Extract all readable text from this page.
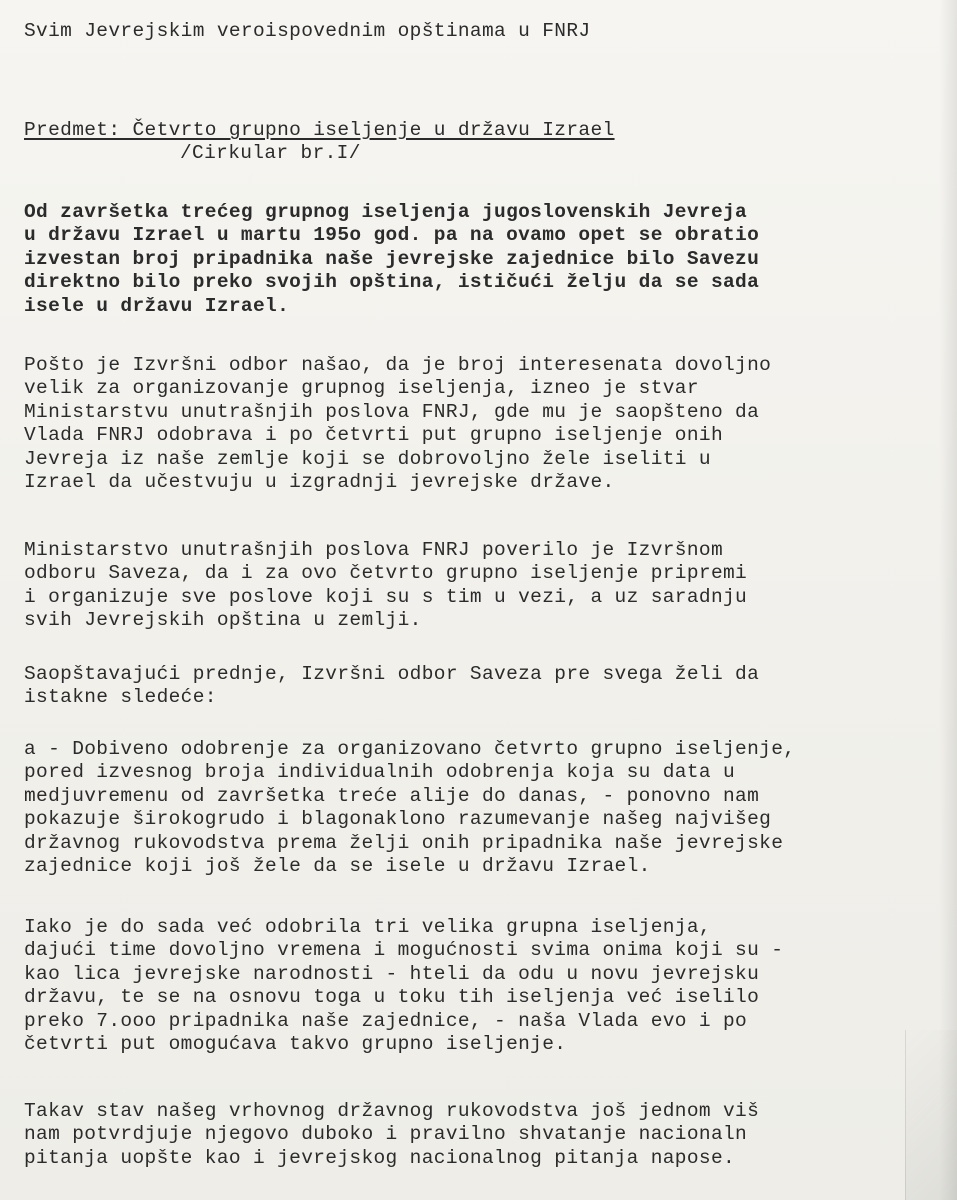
Svim Jevrejskim veroispovednim opštinama u FNRJ
Predmet: Četvrto grupno iseljenje u državu Izrael
/Cirkular br.I/
Od završetka trećeg grupnog iseljenja jugoslovenskih Jevreja
u državu Izrael u martu 195o god. pa na ovamo opet se obratio
izvestan broj pripadnika naše jevrejske zajednice bilo Savezu
direktno bilo preko svojih opština, ističući želju da se sada
isele u državu Izrael.
Pošto je Izvršni odbor našao, da je broj interesenata dovoljno
velik za organizovanje grupnog iseljenja, izneo je stvar
Ministarstvu unutrašnjih poslova FNRJ, gde mu je saopšteno da
Vlada FNRJ odobrava i po četvrti put grupno iseljenje onih
Jevreja iz naše zemlje koji se dobrovoljno žele iseliti u
Izrael da učestvuju u izgradnji jevrejske države.
Ministarstvo unutrašnjih poslova FNRJ poverilo je Izvršnom
odboru Saveza, da i za ovo četvrto grupno iseljenje pripremi
i organizuje sve poslove koji su s tim u vezi, a uz saradnju
svih Jevrejskih opština u zemlji.
Saopštavajući prednje, Izvršni odbor Saveza pre svega želi da
istakne sledeće:
a - Dobiveno odobrenje za organizovano četvrto grupno iseljenje,
pored izvesnog broja individualnih odobrenja koja su data u
medjuvremenu od završetka treće alije do danas, - ponovno nam
pokazuje širokogrudo i blagonaklono razumevanje našeg najvišeg
državnog rukovodstva prema želji onih pripadnika naše jevrejske
zajednice koji još žele da se isele u državu Izrael.
Iako je do sada već odobrila tri velika grupna iseljenja,
dajući time dovoljno vremena i mogućnosti svima onima koji su -
kao lica jevrejske narodnosti - hteli da odu u novu jevrejsku
državu, te se na osnovu toga u toku tih iseljenja već iselilo
preko 7.ooo pripadnika naše zajednice, - naša Vlada evo i po
četvrti put omogućava takvo grupno iseljenje.
Takav stav našeg vrhovnog državnog rukovodstva još jednom viš
nam potvrdjuje njegovo duboko i pravilno shvatanje nacionaln
pitanja uopšte kao i jevrejskog nacionalnog pitanja napose.
